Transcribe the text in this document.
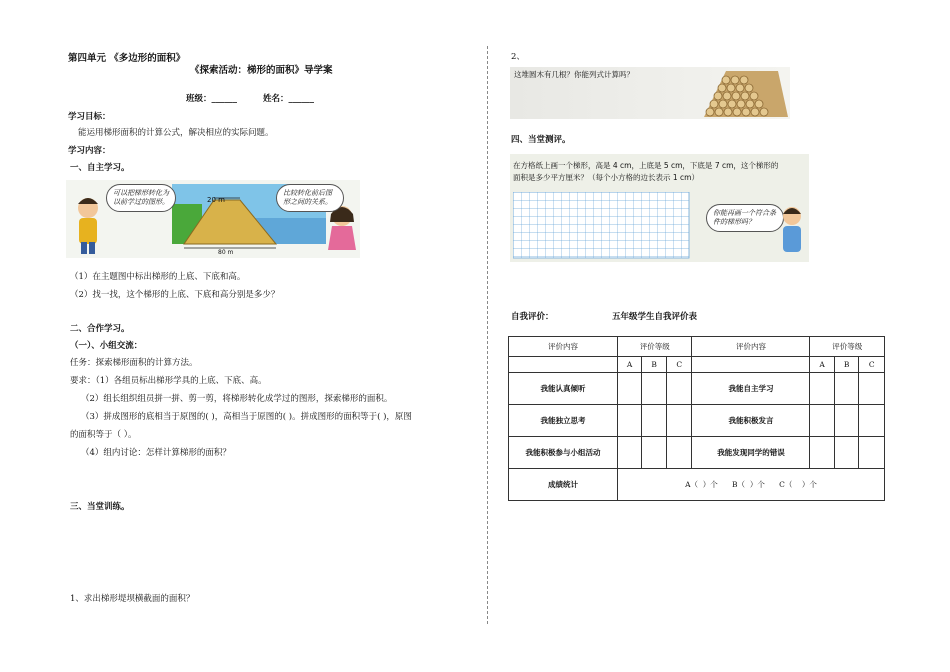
第四单元 《多边形的面积》
《探索活动：梯形的面积》导学案
班级：______	姓名：______
学习目标：
能运用梯形面积的计算公式，解决相应的实际问题。
学习内容：
一、自主学习。
20 m
80 m
可以把梯形转化为以前学过的图形。
比较转化前后图形之间的关系。
（1）在主题图中标出梯形的上底、下底和高。
（2）找一找，这个梯形的上底、下底和高分别是多少？
二、合作学习。
（一）、小组交流：
任务：探索梯形面积的计算方法。
要求：（1）各组员标出梯形学具的上底、下底、高。
（2）组长组织组员拼一拼、剪一剪，将梯形转化成学过的图形，探索梯形的面积。
（3）拼成图形的底相当于原图的( )，高相当于原图的( )。拼成图形的面积等于( )，原图
的面积等于（ ）。
（4）组内讨论：怎样计算梯形的面积？
三、当堂训练。
1、求出梯形堤坝横截面的面积？
2、
这堆圆木有几根？你能列式计算吗？
四、当堂测评。
在方格纸上画一个梯形，高是 4 cm，上底是 5 cm，下底是 7 cm，这个梯形的
面积是多少平方厘米？（每个小方格的边长表示 1 cm）
你能再画一个符合条件的梯形吗？
自我评价：	五年级学生自我评价表
评价内容	评价等级			评价内容	评价等级		
	A	B	C		A	B	C
我能认真倾听				我能自主学习			
我能独立思考				我能积极发言			
我能积极参与小组活动				我能发现同学的错误			
成绩统计	A（  ）个      B（  ）个      C（    ）个						
